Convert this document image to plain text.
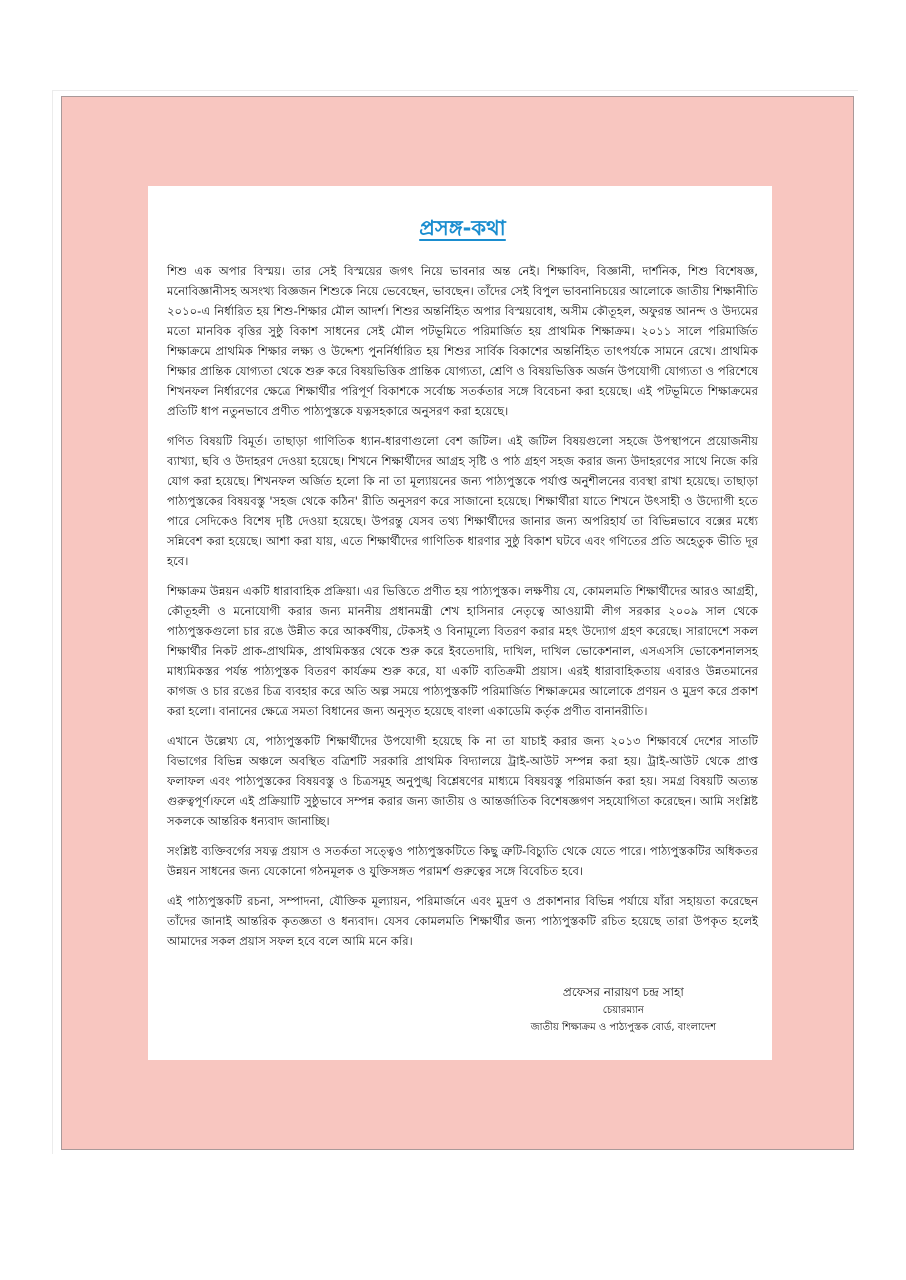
প্রসঙ্গ-কথা

শিশু এক অপার বিস্ময়। তার সেই বিস্ময়ের জগৎ নিয়ে ভাবনার অন্ত নেই। শিক্ষাবিদ, বিজ্ঞানী, দার্শনিক, শিশু বিশেষজ্ঞ, মনোবিজ্ঞানীসহ অসংখ্য বিজ্ঞজন শিশুকে নিয়ে ভেবেছেন, ভাবছেন। তাঁদের সেই বিপুল ভাবনানিচয়ের আলোকে জাতীয় শিক্ষানীতি ২০১০-এ নির্ধারিত হয় শিশু-শিক্ষার মৌল আদর্শ। শিশুর অন্তর্নিহিত অপার বিস্ময়বোধ, অসীম কৌতূহল, অফুরন্ত আনন্দ ও উদ্যমের মতো মানবিক বৃত্তির সুষ্ঠু বিকাশ সাধনের সেই মৌল পটভূমিতে পরিমার্জিত হয় প্রাথমিক শিক্ষাক্রম। ২০১১ সালে পরিমার্জিত শিক্ষাক্রমে প্রাথমিক শিক্ষার লক্ষ্য ও উদ্দেশ্য পুনর্নির্ধারিত হয় শিশুর সার্বিক বিকাশের অন্তর্নিহিত তাৎপর্যকে সামনে রেখে। প্রাথমিক শিক্ষার প্রান্তিক যোগ্যতা থেকে শুরু করে বিষয়ভিত্তিক প্রান্তিক যোগ্যতা, শ্রেণি ও বিষয়ভিত্তিক অর্জন উপযোগী যোগ্যতা ও পরিশেষে শিখনফল নির্ধারণের ক্ষেত্রে শিক্ষার্থীর পরিপূর্ণ বিকাশকে সর্বোচ্চ সতর্কতার সঙ্গে বিবেচনা করা হয়েছে। এই পটভূমিতে শিক্ষাক্রমের প্রতিটি ধাপ নতুনভাবে প্রণীত পাঠ্যপুস্তকে যত্নসহকারে অনুসরণ করা হয়েছে।

গণিত বিষয়টি বিমূর্ত। তাছাড়া গাণিতিক ধ্যান-ধারণাগুলো বেশ জটিল। এই জটিল বিষয়গুলো সহজে উপস্থাপনে প্রয়োজনীয় ব্যাখ্যা, ছবি ও উদাহরণ দেওয়া হয়েছে। শিখনে শিক্ষার্থীদের আগ্রহ সৃষ্টি ও পাঠ গ্রহণ সহজ করার জন্য উদাহরণের সাথে নিজে করি যোগ করা হয়েছে। শিখনফল অর্জিত হলো কি না তা মূল্যায়নের জন্য পাঠ্যপুস্তকে পর্যাপ্ত অনুশীলনের ব্যবস্থা রাখা হয়েছে। তাছাড়া পাঠ্যপুস্তকের বিষয়বস্তু 'সহজ থেকে কঠিন' রীতি অনুসরণ করে সাজানো হয়েছে। শিক্ষার্থীরা যাতে শিখনে উৎসাহী ও উদ্যোগী হতে পারে সেদিকেও বিশেষ দৃষ্টি দেওয়া হয়েছে। উপরন্তু যেসব তথ্য শিক্ষার্থীদের জানার জন্য অপরিহার্য তা বিভিন্নভাবে বক্সের মধ্যে সন্নিবেশ করা হয়েছে। আশা করা যায়, এতে শিক্ষার্থীদের গাণিতিক ধারণার সুষ্ঠু বিকাশ ঘটবে এবং গণিতের প্রতি অহেতুক ভীতি দূর হবে।

শিক্ষাক্রম উন্নয়ন একটি ধারাবাহিক প্রক্রিয়া। এর ভিত্তিতে প্রণীত হয় পাঠ্যপুস্তক। লক্ষণীয় যে, কোমলমতি শিক্ষার্থীদের আরও আগ্রহী, কৌতূহলী ও মনোযোগী করার জন্য মাননীয় প্রধানমন্ত্রী শেখ হাসিনার নেতৃত্বে আওয়ামী লীগ সরকার ২০০৯ সাল থেকে পাঠ্যপুস্তকগুলো চার রঙে উন্নীত করে আকর্ষণীয়, টেকসই ও বিনামূল্যে বিতরণ করার মহৎ উদ্যোগ গ্রহণ করেছে। সারাদেশে সকল শিক্ষার্থীর নিকট প্রাক-প্রাথমিক, প্রাথমিকস্তর থেকে শুরু করে ইবতেদায়ি, দাখিল, দাখিল ভোকেশনাল, এসএসসি ভোকেশনালসহ মাধ্যমিকস্তর পর্যন্ত পাঠ্যপুস্তক বিতরণ কার্যক্রম শুরু করে, যা একটি ব্যতিক্রমী প্রয়াস। এরই ধারাবাহিকতায় এবারও উন্নতমানের কাগজ ও চার রঙের চিত্র ব্যবহার করে অতি অল্প সময়ে পাঠ্যপুস্তকটি পরিমার্জিত শিক্ষাক্রমের আলোকে প্রণয়ন ও মুদ্রণ করে প্রকাশ করা হলো। বানানের ক্ষেত্রে সমতা বিধানের জন্য অনুসৃত হয়েছে বাংলা একাডেমি কর্তৃক প্রণীত বানানরীতি।

এখানে উল্লেখ্য যে, পাঠ্যপুস্তকটি শিক্ষার্থীদের উপযোগী হয়েছে কি না তা যাচাই করার জন্য ২০১৩ শিক্ষাবর্ষে দেশের সাতটি বিভাগের বিভিন্ন অঞ্চলে অবস্থিত বত্রিশটি সরকারি প্রাথমিক বিদ্যালয়ে ট্রাই-আউট সম্পন্ন করা হয়। ট্রাই-আউট থেকে প্রাপ্ত ফলাফল এবং পাঠ্যপুস্তকের বিষয়বস্তু ও চিত্রসমূহ অনুপুঙ্খ বিশ্লেষণের মাধ্যমে বিষয়বস্তু পরিমার্জন করা হয়। সমগ্র বিষয়টি অত্যন্ত গুরুত্বপূর্ণ।ফলে এই প্রক্রিয়াটি সুষ্ঠুভাবে সম্পন্ন করার জন্য জাতীয় ও আন্তর্জাতিক বিশেষজ্ঞগণ সহযোগিতা করেছেন। আমি সংশ্লিষ্ট সকলকে আন্তরিক ধন্যবাদ জানাচ্ছি।

সংশ্লিষ্ট ব্যক্তিবর্গের সযত্ন প্রয়াস ও সতর্কতা সত্ত্বেও পাঠ্যপুস্তকটিতে কিছু ত্রুটি-বিচ্যুতি থেকে যেতে পারে। পাঠ্যপুস্তকটির অধিকতর উন্নয়ন সাধনের জন্য যেকোনো গঠনমূলক ও যুক্তিসঙ্গত পরামর্শ গুরুত্বের সঙ্গে বিবেচিত হবে।

এই পাঠ্যপুস্তকটি রচনা, সম্পাদনা, যৌক্তিক মূল্যায়ন, পরিমার্জনে এবং মুদ্রণ ও প্রকাশনার বিভিন্ন পর্যায়ে যাঁরা সহায়তা করেছেন তাঁদের জানাই আন্তরিক কৃতজ্ঞতা ও ধন্যবাদ। যেসব কোমলমতি শিক্ষার্থীর জন্য পাঠ্যপুস্তকটি রচিত হয়েছে তারা উপকৃত হলেই আমাদের সকল প্রয়াস সফল হবে বলে আমি মনে করি।

প্রফেসর নারায়ণ চন্দ্র সাহা
চেয়ারম্যান
জাতীয় শিক্ষাক্রম ও পাঠ্যপুস্তক বোর্ড, বাংলাদেশ
